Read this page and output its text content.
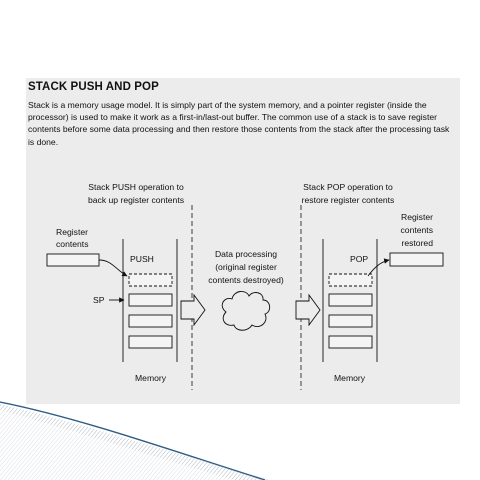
STACK PUSH AND POP
Stack is a memory usage model. It is simply part of the system memory, and a pointer register (inside the
processor) is used to make it work as a first-in/last-out buffer. The common use of a stack is to save register
contents before some data processing and then restore those contents from the stack after the processing task
is done.
Stack PUSH operation to
back up register contents
Stack POP operation to
restore register contents
Register
contents
PUSH
SP
Memory
Data processing
(original register
contents destroyed)
POP
Memory
Register
contents
restored
